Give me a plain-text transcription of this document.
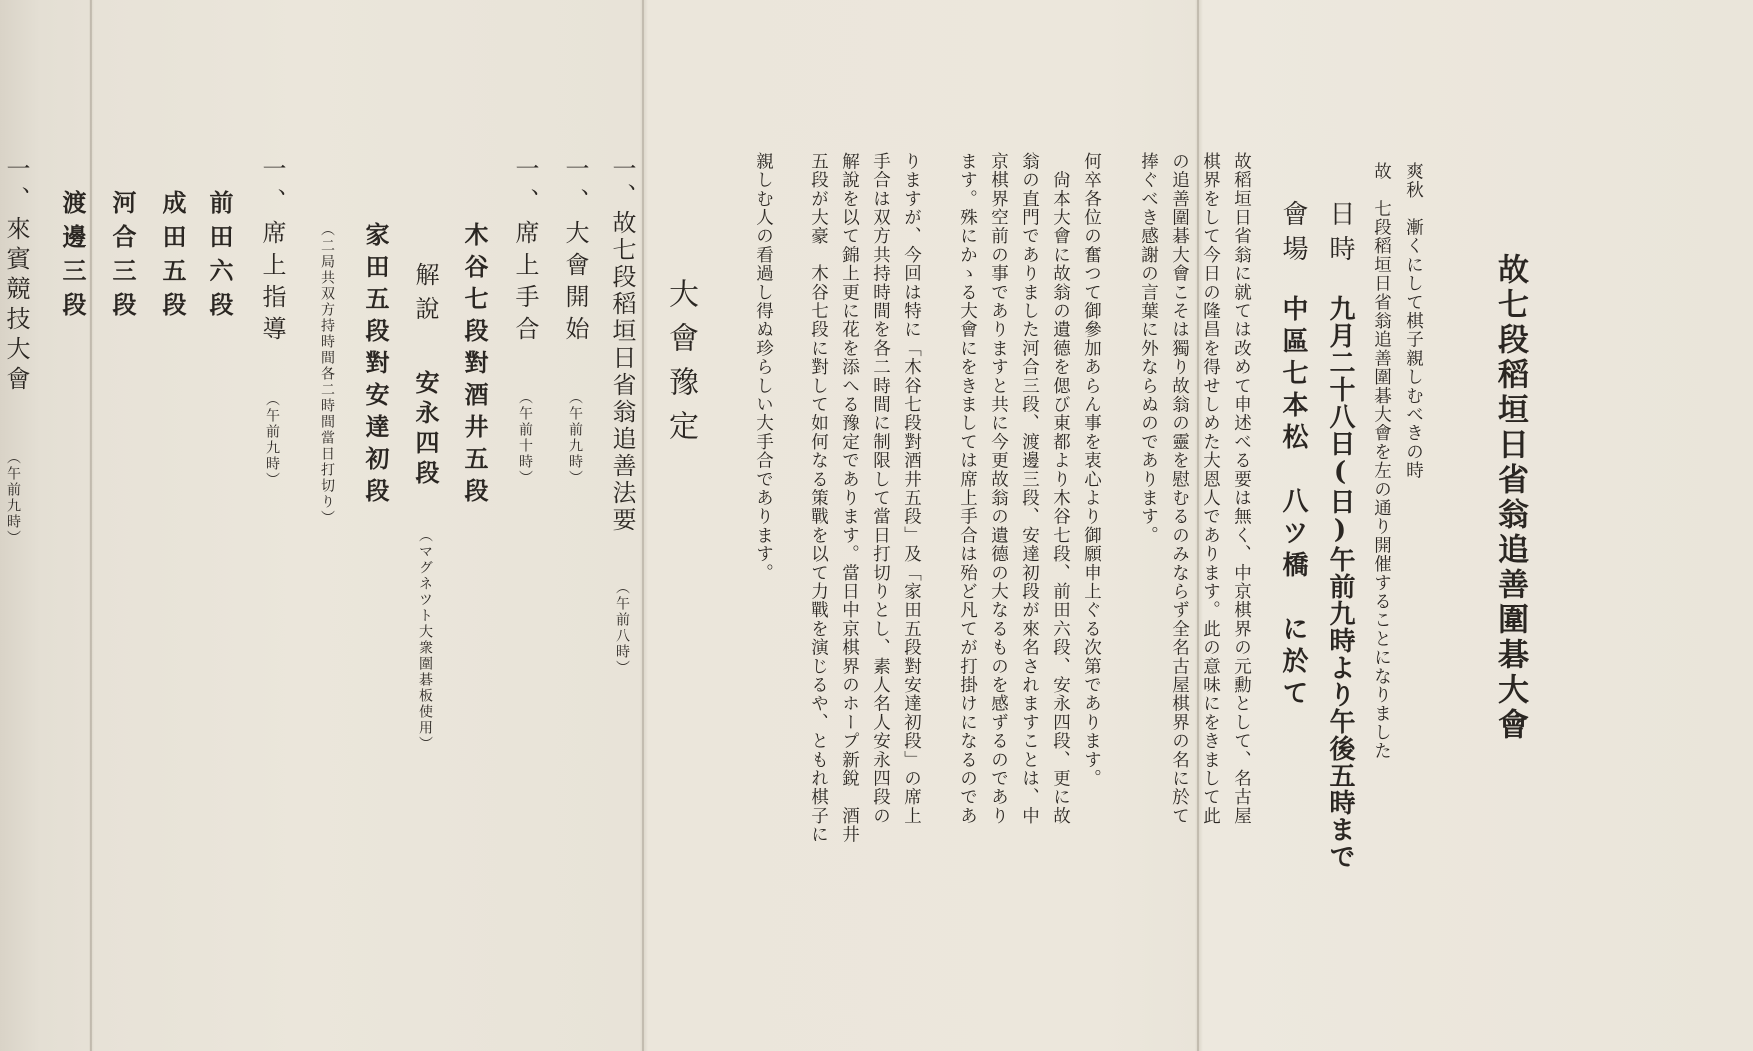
故七段稻垣日省翁追善圍碁大會
爽秋　漸くにして棋子親しむべきの時
故　七段稻垣日省翁追善圍碁大會を左の通り開催することになりました
日時
九月二十八日(日)午前九時より午後五時まで
會場
中區七本松　八ツ橋　に於て
故稻垣日省翁に就ては改めて申述べる要は無く、中京棋界の元勳として、名古屋
棋界をして今日の隆昌を得せしめた大恩人であります。此の意味にをきまして此
の追善圍碁大會こそは獨り故翁の靈を慰むるのみならず全名古屋棋界の名に於て
捧ぐべき感謝の言葉に外ならぬのであります。
何卒各位の奮つて御參加あらん事を衷心より御願申上ぐる次第であります。
　尙本大會に故翁の遺德を偲び東都より木谷七段、前田六段、安永四段、更に故
翁の直門でありました河合三段、渡邊三段、安達初段が來名されますことは、中
京棋界空前の事でありますと共に今更故翁の遺德の大なるものを感ずるのであり
ます。殊にかゝる大會にをきましては席上手合は殆ど凡てが打掛けになるのであ
りますが、今回は特に「木谷七段對酒井五段」及「家田五段對安達初段」の席上
手合は双方共持時間を各二時間に制限して當日打切りとし、素人名人安永四段の
解說を以て錦上更に花を添へる豫定であります。當日中京棋界のホープ新銳　酒井
五段が大豪　木谷七段に對して如何なる策戰を以て力戰を演じるや、ともれ棋子に
親しむ人の看過し得ぬ珍らしい大手合であります。
大會豫定
一、故七段稻垣日省翁追善法要
（午前八時）
一、大會開始
（午前九時）
一、席上手合
（午前十時）
木谷七段對酒井五段
解說
安永四段
（マグネツト大衆圍碁板使用）
家田五段對安達初段
（二局共双方持時間各二時間當日打切り）
一、席上指導
（午前九時）
前田六段
成田五段
河合三段
渡邊三段
一、來賓競技大會
（午前九時）
